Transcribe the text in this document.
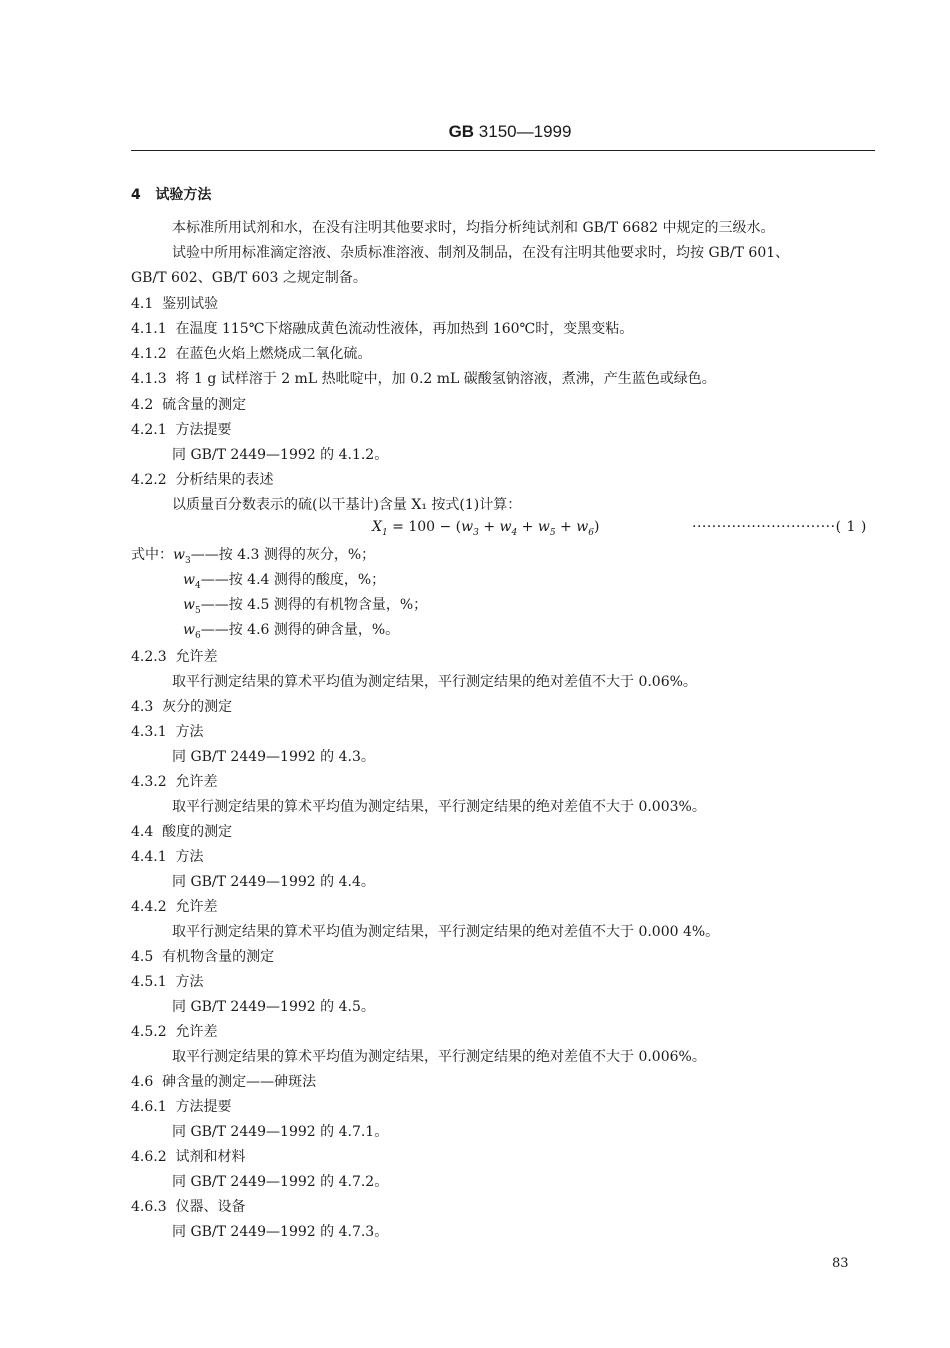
GB 3150—1999
4 试验方法
本标准所用试剂和水，在没有注明其他要求时，均指分析纯试剂和 GB/T 6682 中规定的三级水。
试验中所用标准滴定溶液、杂质标准溶液、制剂及制品，在没有注明其他要求时，均按 GB/T 601、
GB/T 602、GB/T 603 之规定制备。
4.1 鉴别试验
4.1.1 在温度 115℃下熔融成黄色流动性液体，再加热到 160℃时，变黑变粘。
4.1.2 在蓝色火焰上燃烧成二氧化硫。
4.1.3 将 1 g 试样溶于 2 mL 热吡啶中，加 0.2 mL 碳酸氢钠溶液，煮沸，产生蓝色或绿色。
4.2 硫含量的测定
4.2.1 方法提要
同 GB/T 2449—1992 的 4.1.2。
4.2.2 分析结果的表述
以质量百分数表示的硫(以干基计)含量 X₁ 按式(1)计算：
$X_1 = 100 - (w_3 + w_4 + w_5 + w_6)$	·····························( 1 )
式中：$w_3——$按 4.3 测得的灰分，%；
$w_4——$按 4.4 测得的酸度，%；
$w_5——$按 4.5 测得的有机物含量，%；
$w_6——$按 4.6 测得的砷含量，%。
4.2.3 允许差
取平行测定结果的算术平均值为测定结果，平行测定结果的绝对差值不大于 0.06%。
4.3 灰分的测定
4.3.1 方法
同 GB/T 2449—1992 的 4.3。
4.3.2 允许差
取平行测定结果的算术平均值为测定结果，平行测定结果的绝对差值不大于 0.003%。
4.4 酸度的测定
4.4.1 方法
同 GB/T 2449—1992 的 4.4。
4.4.2 允许差
取平行测定结果的算术平均值为测定结果，平行测定结果的绝对差值不大于 0.000 4%。
4.5 有机物含量的测定
4.5.1 方法
同 GB/T 2449—1992 的 4.5。
4.5.2 允许差
取平行测定结果的算术平均值为测定结果，平行测定结果的绝对差值不大于 0.006%。
4.6 砷含量的测定——砷斑法
4.6.1 方法提要
同 GB/T 2449—1992 的 4.7.1。
4.6.2 试剂和材料
同 GB/T 2449—1992 的 4.7.2。
4.6.3 仪器、设备
同 GB/T 2449—1992 的 4.7.3。
83
